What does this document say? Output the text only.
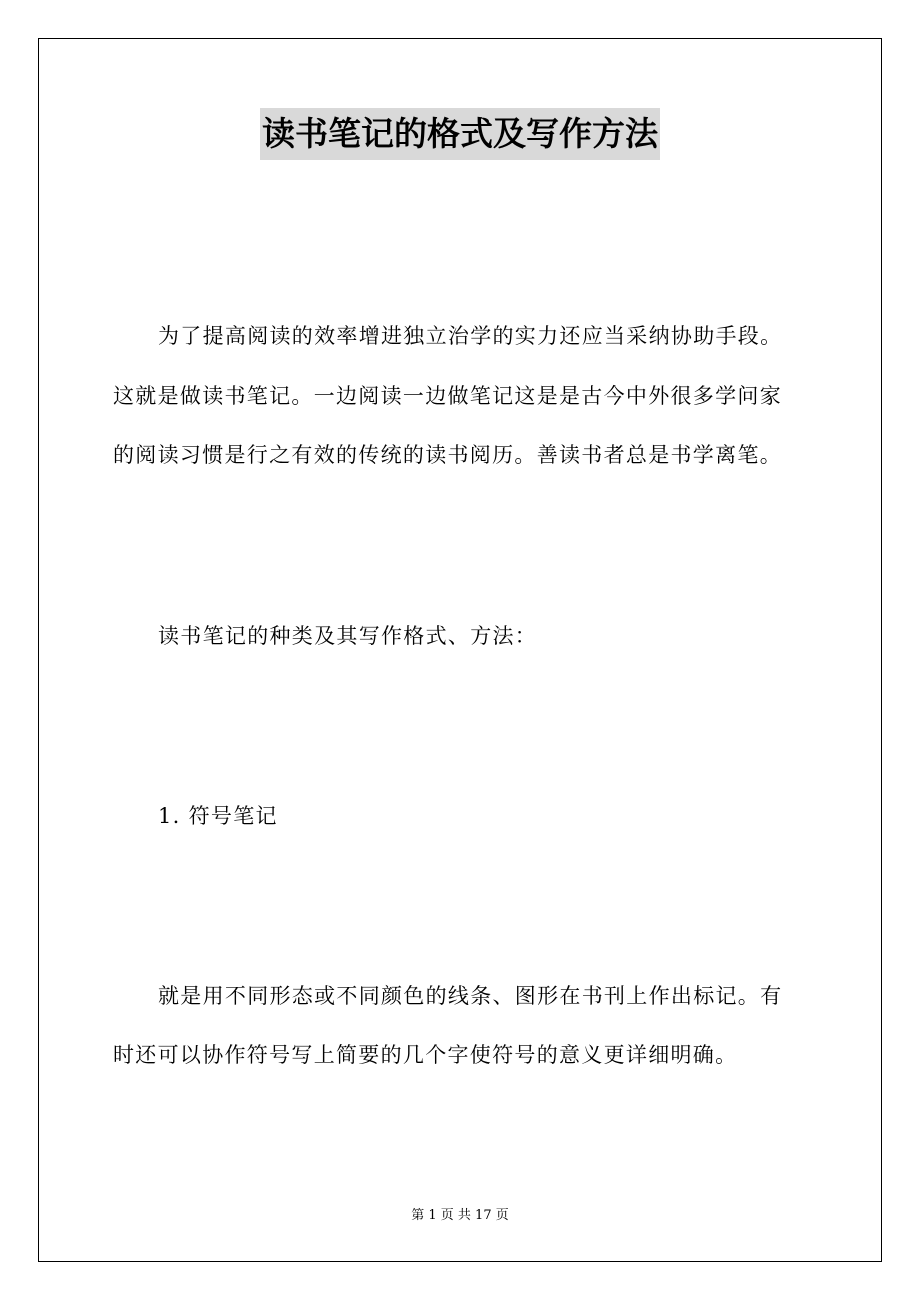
读书笔记的格式及写作方法
为了提高阅读的效率增进独立治学的实力还应当采纳协助手段。
这就是做读书笔记。一边阅读一边做笔记这是是古今中外很多学问家
的阅读习惯是行之有效的传统的读书阅历。善读书者总是书学离笔。
读书笔记的种类及其写作格式、方法：
1. 符号笔记
就是用不同形态或不同颜色的线条、图形在书刊上作出标记。有
时还可以协作符号写上简要的几个字使符号的意义更详细明确。
第 1 页 共 17 页
